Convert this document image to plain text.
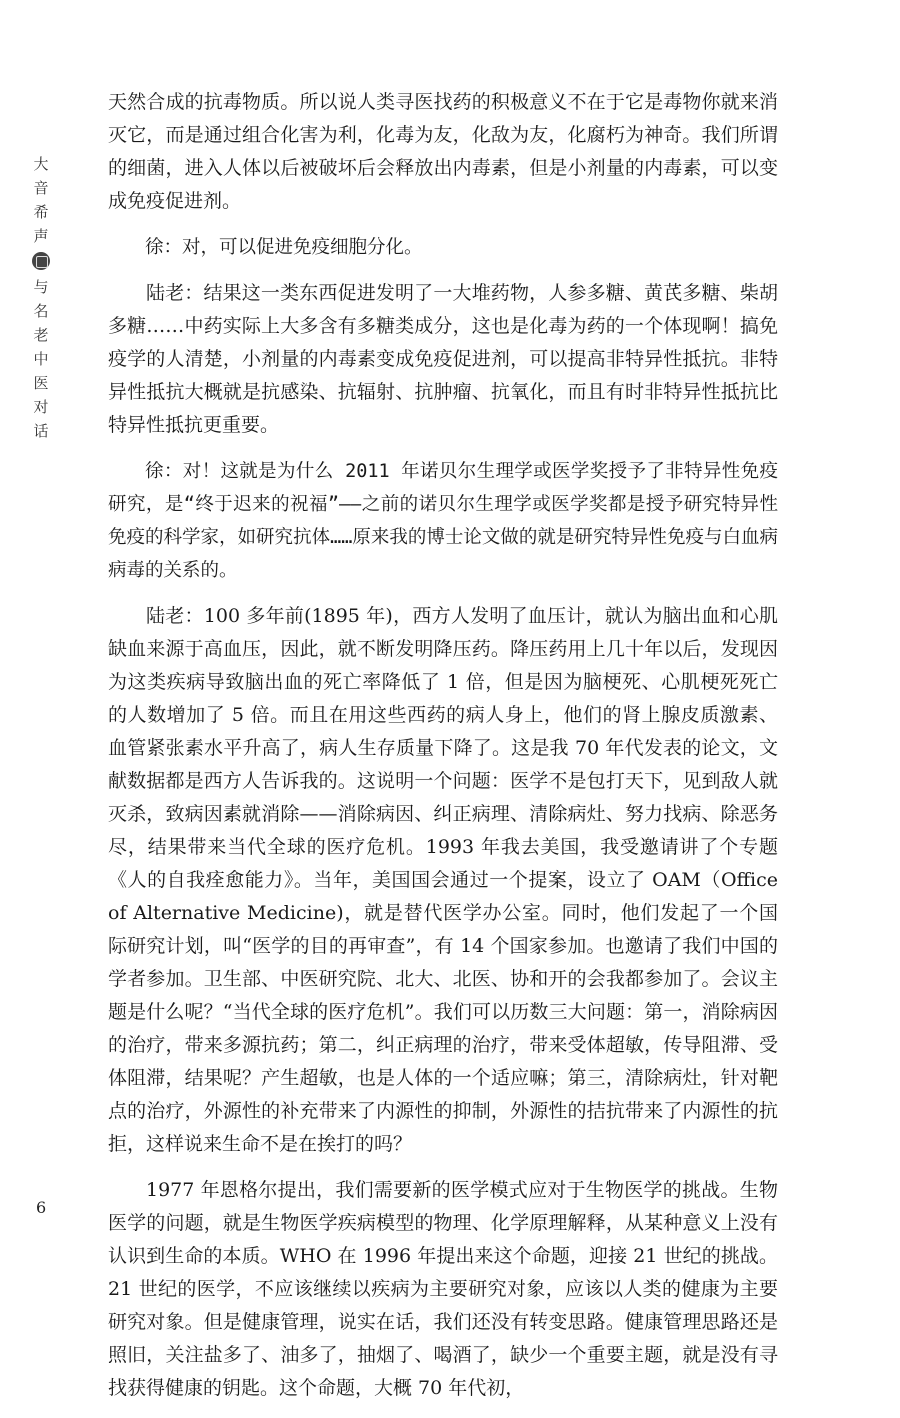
大
音
希
声
与
名
老
中
医
对
话

天然合成的抗毒物质。所以说人类寻医找药的积极意义不在于它是毒物你就来消灭它，而是通过组合化害为利，化毒为友，化敌为友，化腐朽为神奇。我们所谓的细菌，进入人体以后被破坏后会释放出内毒素，但是小剂量的内毒素，可以变成免疫促进剂。

徐：对，可以促进免疫细胞分化。

陆老：结果这一类东西促进发明了一大堆药物，人参多糖、黄芪多糖、柴胡多糖……中药实际上大多含有多糖类成分，这也是化毒为药的一个体现啊！搞免疫学的人清楚，小剂量的内毒素变成免疫促进剂，可以提高非特异性抵抗。非特异性抵抗大概就是抗感染、抗辐射、抗肿瘤、抗氧化，而且有时非特异性抵抗比特异性抵抗更重要。

徐：对！这就是为什么 2011 年诺贝尔生理学或医学奖授予了非特异性免疫研究，是“终于迟来的祝福”——之前的诺贝尔生理学或医学奖都是授予研究特异性免疫的科学家，如研究抗体……原来我的博士论文做的就是研究特异性免疫与白血病病毒的关系的。

陆老：100 多年前(1895 年)，西方人发明了血压计，就认为脑出血和心肌缺血来源于高血压，因此，就不断发明降压药。降压药用上几十年以后，发现因为这类疾病导致脑出血的死亡率降低了 1 倍，但是因为脑梗死、心肌梗死死亡的人数增加了 5 倍。而且在用这些西药的病人身上，他们的肾上腺皮质激素、血管紧张素水平升高了，病人生存质量下降了。这是我 70 年代发表的论文，文献数据都是西方人告诉我的。这说明一个问题：医学不是包打天下，见到敌人就灭杀，致病因素就消除——消除病因、纠正病理、清除病灶、努力找病、除恶务尽，结果带来当代全球的医疗危机。1993 年我去美国，我受邀请讲了个专题《人的自我痊愈能力》。当年，美国国会通过一个提案，设立了 OAM（Office of Alternative Medicine)，就是替代医学办公室。同时，他们发起了一个国际研究计划，叫“医学的目的再审查”，有 14 个国家参加。也邀请了我们中国的学者参加。卫生部、中医研究院、北大、北医、协和开的会我都参加了。会议主题是什么呢？“当代全球的医疗危机”。我们可以历数三大问题：第一，消除病因的治疗，带来多源抗药；第二，纠正病理的治疗，带来受体超敏，传导阻滞、受体阻滞，结果呢？产生超敏，也是人体的一个适应嘛；第三，清除病灶，针对靶点的治疗，外源性的补充带来了内源性的抑制，外源性的拮抗带来了内源性的抗拒，这样说来生命不是在挨打的吗？

1977 年恩格尔提出，我们需要新的医学模式应对于生物医学的挑战。生物医学的问题，就是生物医学疾病模型的物理、化学原理解释，从某种意义上没有认识到生命的本质。WHO 在 1996 年提出来这个命题，迎接 21 世纪的挑战。21 世纪的医学，不应该继续以疾病为主要研究对象，应该以人类的健康为主要研究对象。但是健康管理，说实在话，我们还没有转变思路。健康管理思路还是照旧，关注盐多了、油多了，抽烟了、喝酒了，缺少一个重要主题，就是没有寻找获得健康的钥匙。这个命题，大概 70 年代初，

6
